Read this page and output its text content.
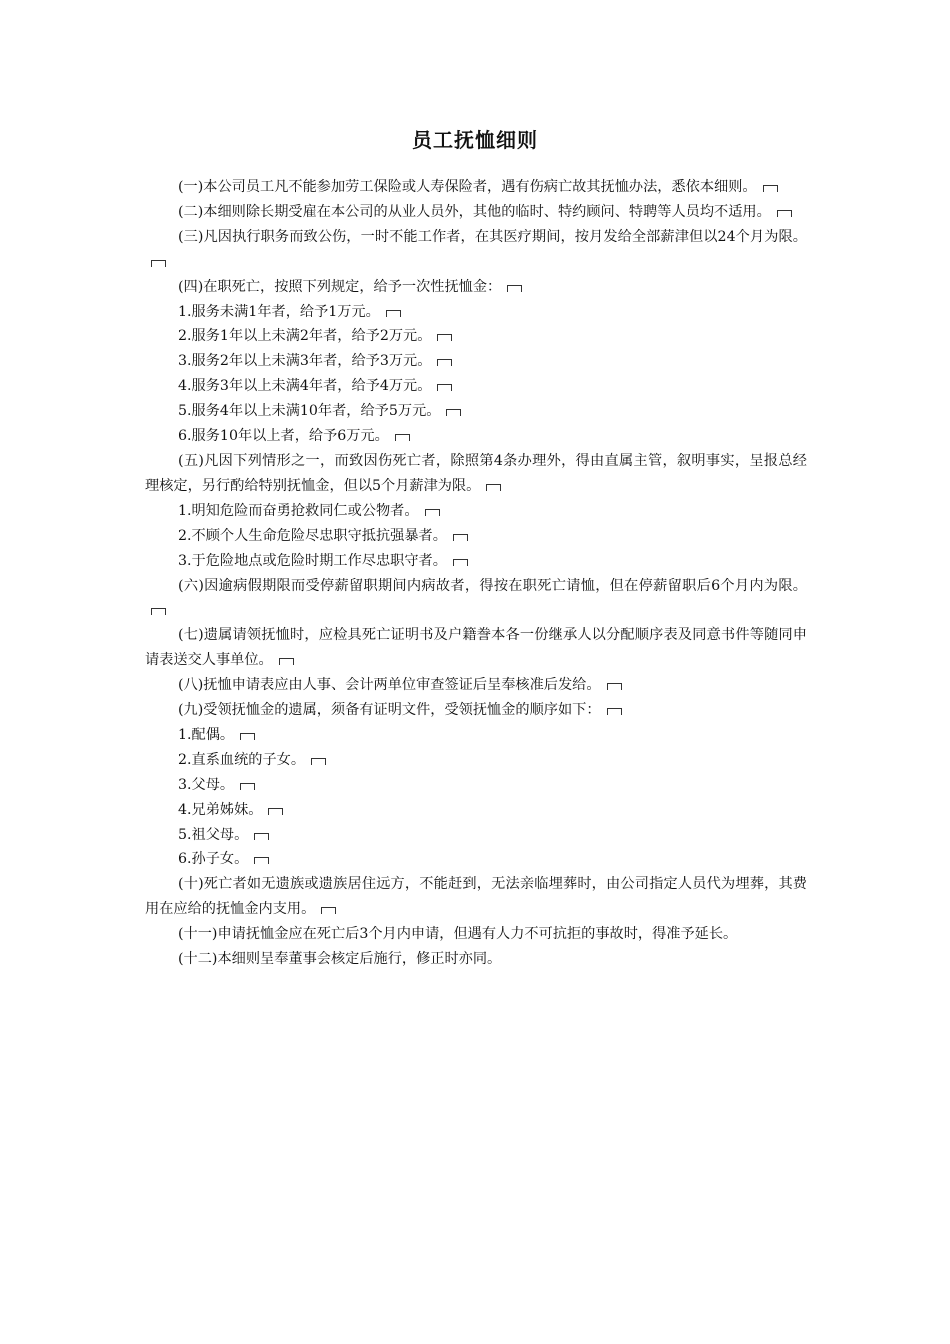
员工抚恤细则

(一)本公司员工凡不能参加劳工保险或人寿保险者，遇有伤病亡故其抚恤办法，悉依本细则。

(二)本细则除长期受雇在本公司的从业人员外，其他的临时、特约顾问、特聘等人员均不适用。

(三)凡因执行职务而致公伤，一时不能工作者，在其医疗期间，按月发给全部薪津但以24个月为限。

(四)在职死亡，按照下列规定，给予一次性抚恤金：

1.服务未满1年者，给予1万元。

2.服务1年以上未满2年者，给予2万元。

3.服务2年以上未满3年者，给予3万元。

4.服务3年以上未满4年者，给予4万元。

5.服务4年以上未满10年者，给予5万元。

6.服务10年以上者，给予6万元。

(五)凡因下列情形之一，而致因伤死亡者，除照第4条办理外，得由直属主管，叙明事实，呈报总经理核定，另行酌给特别抚恤金，但以5个月薪津为限。

1.明知危险而奋勇抢救同仁或公物者。

2.不顾个人生命危险尽忠职守抵抗强暴者。

3.于危险地点或危险时期工作尽忠职守者。

(六)因逾病假期限而受停薪留职期间内病故者，得按在职死亡请恤，但在停薪留职后6个月内为限。

(七)遗属请领抚恤时，应检具死亡证明书及户籍誊本各一份继承人以分配顺序表及同意书件等随同申请表送交人事单位。

(八)抚恤申请表应由人事、会计两单位审查签证后呈奉核准后发给。

(九)受领抚恤金的遗属，须备有证明文件，受领抚恤金的顺序如下：

1.配偶。

2.直系血统的子女。

3.父母。

4.兄弟姊妹。

5.祖父母。

6.孙子女。

(十)死亡者如无遗族或遗族居住远方，不能赶到，无法亲临埋葬时，由公司指定人员代为埋葬，其费用在应给的抚恤金内支用。

(十一)申请抚恤金应在死亡后3个月内申请，但遇有人力不可抗拒的事故时，得准予延长。

(十二)本细则呈奉董事会核定后施行，修正时亦同。
